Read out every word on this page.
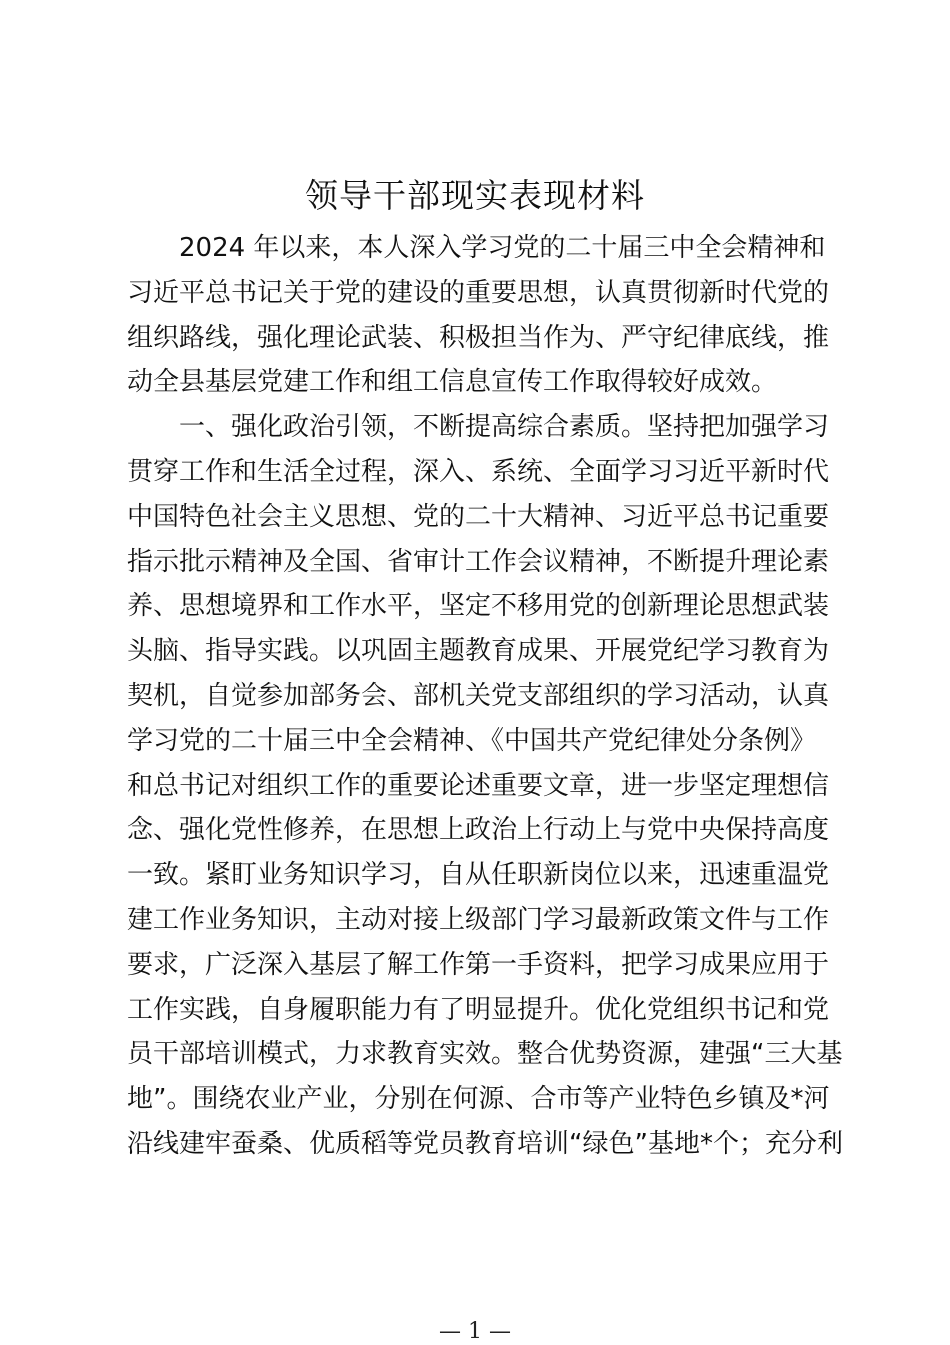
领导干部现实表现材料
2024 年以来，本人深入学习党的二十届三中全会精神和
习近平总书记关于党的建设的重要思想，认真贯彻新时代党的
组织路线，强化理论武装、积极担当作为、严守纪律底线，推
动全县基层党建工作和组工信息宣传工作取得较好成效。
一、强化政治引领，不断提高综合素质。坚持把加强学习
贯穿工作和生活全过程，深入、系统、全面学习习近平新时代
中国特色社会主义思想、党的二十大精神、习近平总书记重要
指示批示精神及全国、省审计工作会议精神，不断提升理论素
养、思想境界和工作水平，坚定不移用党的创新理论思想武装
头脑、指导实践。以巩固主题教育成果、开展党纪学习教育为
契机，自觉参加部务会、部机关党支部组织的学习活动，认真
学习党的二十届三中全会精神、《中国共产党纪律处分条例》
和总书记对组织工作的重要论述重要文章，进一步坚定理想信
念、强化党性修养，在思想上政治上行动上与党中央保持高度
一致。紧盯业务知识学习，自从任职新岗位以来，迅速重温党
建工作业务知识，主动对接上级部门学习最新政策文件与工作
要求，广泛深入基层了解工作第一手资料，把学习成果应用于
工作实践，自身履职能力有了明显提升。优化党组织书记和党
员干部培训模式，力求教育实效。整合优势资源，建强“三大基
地”。围绕农业产业，分别在何源、合市等产业特色乡镇及*河
沿线建牢蚕桑、优质稻等党员教育培训“绿色”基地*个；充分利
— 1 —
